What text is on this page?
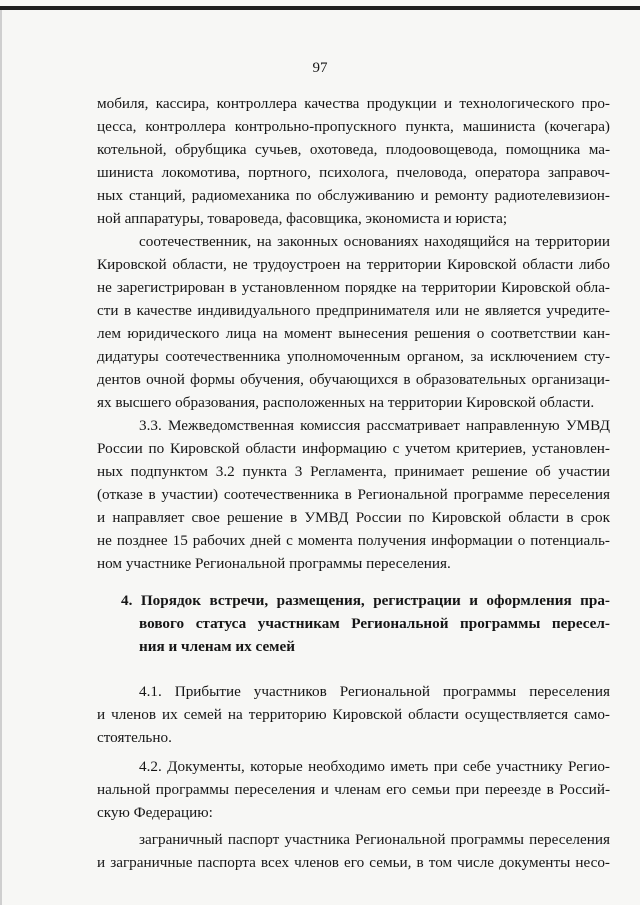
97

мобиля, кассира, контроллера качества продукции и технологического про-

цесса, контроллера контрольно-пропускного пункта, машиниста (кочегара)

котельной, обрубщика сучьев, охотоведа, плодоовощевода, помощника ма-

шиниста локомотива, портного, психолога, пчеловода, оператора заправоч-

ных станций, радиомеханика по обслуживанию и ремонту радиотелевизион-

ной аппаратуры, товароведа, фасовщика, экономиста и юриста;

соотечественник, на законных основаниях находящийся на территории

Кировской области, не трудоустроен на территории Кировской области либо

не зарегистрирован в установленном порядке на территории Кировской обла-

сти в качестве индивидуального предпринимателя или не является учредите-

лем юридического лица на момент вынесения решения о соответствии кан-

дидатуры соотечественника уполномоченным органом, за исключением сту-

дентов очной формы обучения, обучающихся в образовательных организаци-

ях высшего образования, расположенных на территории Кировской области.

3.3. Межведомственная комиссия рассматривает направленную УМВД

России по Кировской области информацию с учетом критериев, установлен-

ных подпунктом 3.2 пункта 3 Регламента, принимает решение об участии

(отказе в участии) соотечественника в Региональной программе переселения

и направляет свое решение в УМВД России по Кировской области в срок

не позднее 15 рабочих дней с момента получения информации о потенциаль-

ном участнике Региональной программы переселения.

4. Порядок встречи, размещения, регистрации и оформления пра-
вового статуса участникам Региональной программы пересел-
ния и членам их семей

4.1. Прибытие участников Региональной программы переселения

и членов их семей на территорию Кировской области осуществляется само-

стоятельно.

4.2. Документы, которые необходимо иметь при себе участнику Регио-

нальной программы переселения и членам его семьи при переезде в Россий-

скую Федерацию:

заграничный паспорт участника Региональной программы переселения

и заграничные паспорта всех членов его семьи, в том числе документы несо-
